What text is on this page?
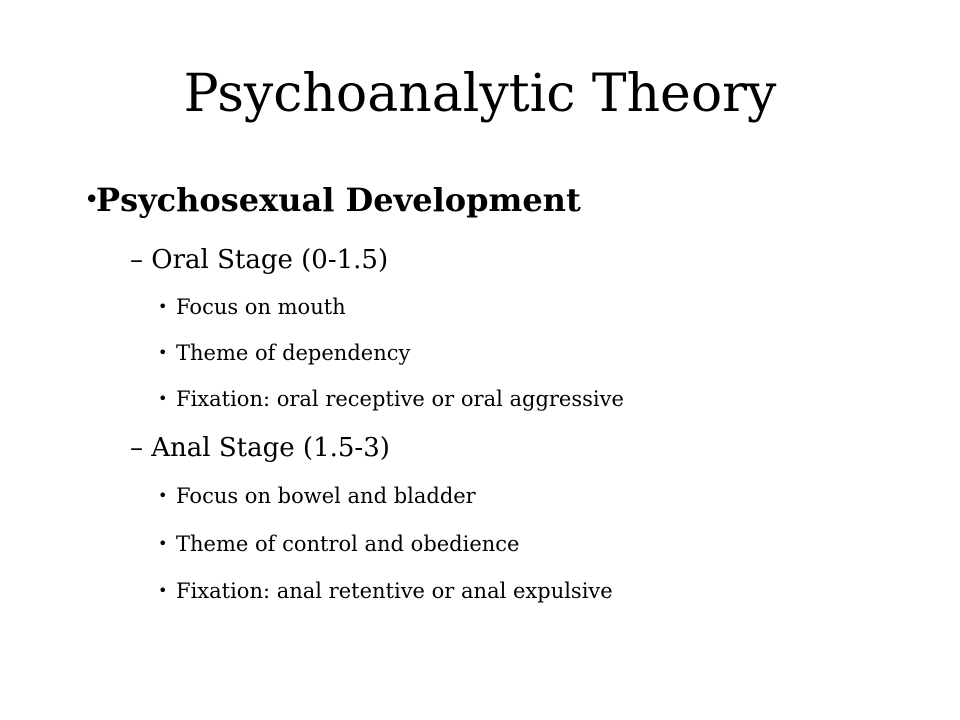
Psychoanalytic Theory
•
Psychosexual Development
– Oral Stage (0-1.5)
• Focus on mouth
• Theme of dependency
• Fixation: oral receptive or oral aggressive
– Anal Stage (1.5-3)
• Focus on bowel and bladder
• Theme of control and obedience
• Fixation: anal retentive or anal expulsive
